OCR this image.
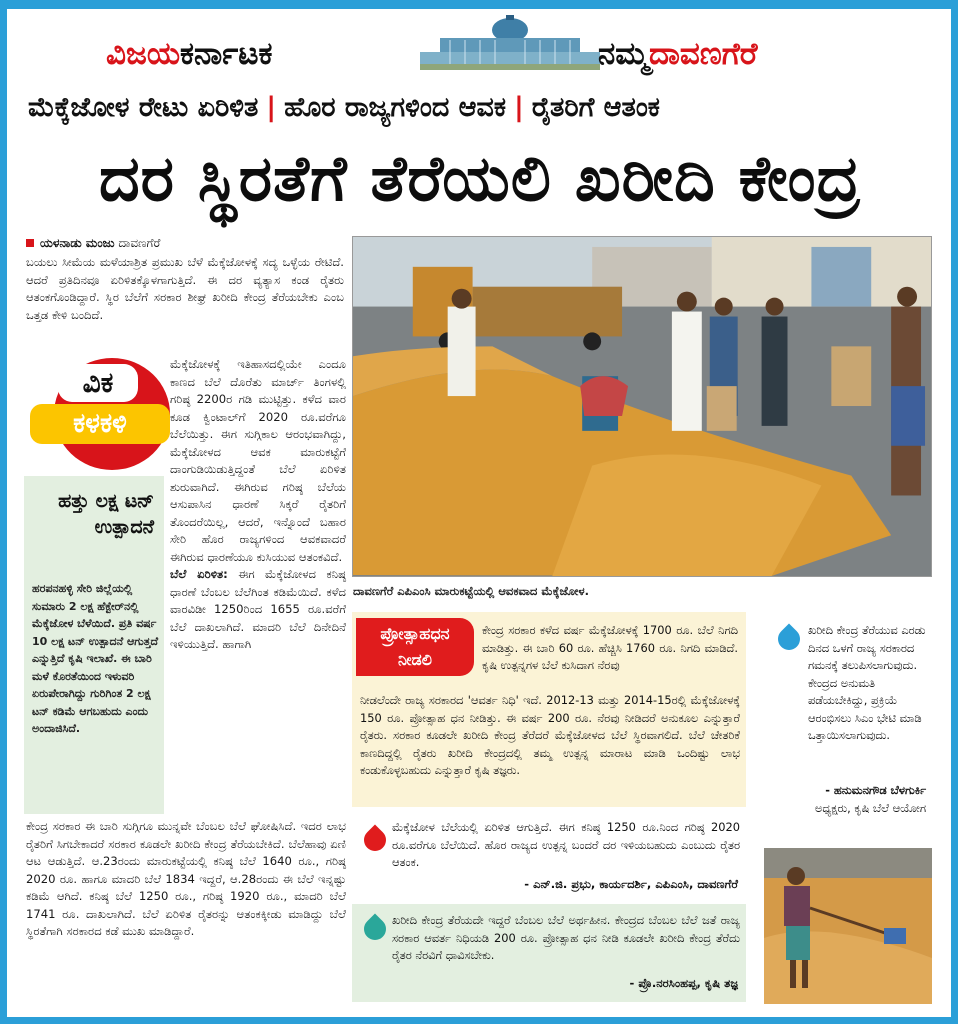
ವಿಜಯಕರ್ನಾಟಕ	ನಮ್ಮದಾವಣಗೆರೆ
ಮೆಕ್ಕೆಜೋಳ ರೇಟು ಏರಿಳಿತ | ಹೊರ ರಾಜ್ಯಗಳಿಂದ ಆವಕ | ರೈತರಿಗೆ ಆತಂಕ
ದರ ಸ್ಥಿರತೆಗೆ ತೆರೆಯಲಿ ಖರೀದಿ ಕೇಂದ್ರ
ಯಳನಾಡು ಮಂಜು ದಾವಣಗೆರೆ
ಬಯಲು ಸೀಮೆಯ ಮಳೆಯಾಶ್ರಿತ ಪ್ರಮುಖ ಬೆಳೆ ಮೆಕ್ಕೆಜೋಳಕ್ಕೆ ಸದ್ಯ ಒಳ್ಳೆಯ ರೇಟಿದೆ. ಆದರೆ ಪ್ರತಿದಿನವೂ ಏರಿಳಿತಕ್ಕೊಳಗಾಗುತ್ತಿದೆ. ಈ ದರ ವ್ಯತ್ಯಾಸ ಕಂಡ ರೈತರು ಆತಂಕಗೊಂಡಿದ್ದಾರೆ. ಸ್ಥಿರ ಬೆಲೆಗೆ ಸರಕಾರ ಶೀಘ್ರ ಖರೀದಿ ಕೇಂದ್ರ ತೆರೆಯಬೇಕು ಎಂಬ ಒತ್ತಡ ಕೇಳಿ ಬಂದಿದೆ.
ಮೆಕ್ಕೆಜೋಳಕ್ಕೆ ಇತಿಹಾಸದಲ್ಲಿಯೇ ಎಂದೂ ಕಾಣದ ಬೆಲೆ ದೊರೆತು ಮಾರ್ಚ್ ತಿಂಗಳಲ್ಲಿ ಗರಿಷ್ಠ 2200ರ ಗಡಿ ಮುಟ್ಟಿತ್ತು. ಕಳೆದ ವಾರ ಕೂಡ ಕ್ವಿಂಟಾಲ್‌ಗೆ 2020 ರೂ.ವರೆಗೂ ಬೆಲೆಯಿತ್ತು. ಈಗ ಸುಗ್ಗಿಕಾಲ ಆರಂಭವಾಗಿದ್ದು, ಮೆಕ್ಕೆಜೋಳದ ಆವಕ ಮಾರುಕಟ್ಟೆಗೆ ದಾಂಗುಡಿಯಿಡುತ್ತಿದ್ದಂತೆ ಬೆಲೆ ಏರಿಳಿತ ಶುರುವಾಗಿದೆ. ಈಗಿರುವ ಗರಿಷ್ಠ ಬೆಲೆಯ ಆಸುಪಾಸಿನ ಧಾರಣೆ ಸಿಕ್ಕರೆ ರೈತರಿಗೆ ತೊಂದರೆಯಿಲ್ಲ, ಆದರೆ, ಇನ್ನೊಂದೆ ಬಹಾರ ಸೇರಿ ಹೊರ ರಾಜ್ಯಗಳಿಂದ ಆವಕವಾದರೆ ಈಗಿರುವ ಧಾರಣೆಯೂ ಕುಸಿಯುವ ಆತಂಕವಿದೆ.
ಬೆಲೆ ಏರಿಳಿತ: ಈಗ ಮೆಕ್ಕೆಜೋಳದ ಕನಿಷ್ಠ ಧಾರಣೆ ಬೆಂಬಲ ಬೆಲೆಗಿಂತ ಕಡಿಮೆಯಿದೆ. ಕಳೆದ ವಾರವಿಡೀ 1250ರಿಂದ 1655 ರೂ.ವರೆಗೆ ಬೆಲೆ ದಾಖಲಾಗಿದೆ. ಮಾದರಿ ಬೆಲೆ ದಿನೇದಿನೆ ಇಳಿಯುತ್ತಿದೆ. ಹಾಗಾಗಿ
ಕೇಂದ್ರ ಸರಕಾರ ಈ ಬಾರಿ ಸುಗ್ಗಿಗೂ ಮುನ್ನವೇ ಬೆಂಬಲ ಬೆಲೆ ಘೋಷಿಸಿದೆ. ಇದರ ಲಾಭ ರೈತರಿಗೆ ಸಿಗಬೇಕಾದರೆ ಸರಕಾರ ಕೂಡಲೇ ಖರೀದಿ ಕೇಂದ್ರ ತೆರೆಯಬೇಕಿದೆ. ಬೆಲೆಹಾವು ಏಣಿ ಆಟ ಆಡುತ್ತಿದೆ. ಆ.23ರಂದು ಮಾರುಕಟ್ಟೆಯಲ್ಲಿ ಕನಿಷ್ಠ ಬೆಲೆ 1640 ರೂ., ಗರಿಷ್ಠ 2020 ರೂ. ಹಾಗೂ ಮಾದರಿ ಬೆಲೆ 1834 ಇದ್ದರೆ, ಆ.28ರಂದು ಈ ಬೆಲೆ ಇನ್ನಷ್ಟು ಕಡಿಮೆ ಆಗಿದೆ. ಕನಿಷ್ಠ ಬೆಲೆ 1250 ರೂ., ಗರಿಷ್ಠ 1920 ರೂ., ಮಾದರಿ ಬೆಲೆ 1741 ರೂ. ದಾಖಲಾಗಿದೆ. ಬೆಲೆ ಏರಿಳಿತ ರೈತರನ್ನು ಆತಂಕಕ್ಕೀಡು ಮಾಡಿದ್ದು ಬೆಲೆ ಸ್ಥಿರತೆಗಾಗಿ ಸರಕಾರದ ಕಡೆ ಮುಖ ಮಾಡಿದ್ದಾರೆ.
ವಿಕ
ಕಳಕಳಿ
ಹತ್ತು ಲಕ್ಷ ಟನ್ ಉತ್ಪಾದನೆ
ಹರಪನಹಳ್ಳಿ ಸೇರಿ ಜಿಲ್ಲೆಯಲ್ಲಿ ಸುಮಾರು 2 ಲಕ್ಷ ಹೆಕ್ಟೇರ್‌ನಲ್ಲಿ ಮೆಕ್ಕೆಜೋಳ ಬೆಳೆಯಿದೆ. ಪ್ರತಿ ವರ್ಷ 10 ಲಕ್ಷ ಟನ್ ಉತ್ಪಾದನೆ ಆಗುತ್ತದೆ ಎನ್ನುತ್ತಿದೆ ಕೃಷಿ ಇಲಾಖೆ. ಈ ಬಾರಿ ಮಳೆ ಕೊರತೆಯಿಂದ ಇಳುವರಿ ಏರುಪೇರಾಗಿದ್ದು ಗುರಿಗಿಂತ 2 ಲಕ್ಷ ಟನ್ ಕಡಿಮೆ ಆಗಬಹುದು ಎಂದು ಅಂದಾಜಿಸಿದೆ.
ದಾವಣಗೆರೆ ಎಪಿಎಂಸಿ ಮಾರುಕಟ್ಟೆಯಲ್ಲಿ ಆವಕವಾದ ಮೆಕ್ಕೆಜೋಳ.
ಪ್ರೋತ್ಸಾಹಧನ
ನೀಡಲಿ
ಕೇಂದ್ರ ಸರಕಾರ ಕಳೆದ ವರ್ಷ ಮೆಕ್ಕೆಜೋಳಕ್ಕೆ 1700 ರೂ. ಬೆಲೆ ನಿಗದಿ ಮಾಡಿತ್ತು. ಈ ಬಾರಿ 60 ರೂ. ಹೆಚ್ಚಿಸಿ 1760 ರೂ. ನಿಗದಿ ಮಾಡಿದೆ. ಕೃಷಿ ಉತ್ಪನ್ನಗಳ ಬೆಲೆ ಕುಸಿದಾಗ ನೆರವು
ನೀಡಲೆಂದೇ ರಾಜ್ಯ ಸರಕಾರದ 'ಆವರ್ತ ನಿಧಿ' ಇದೆ. 2012-13 ಮತ್ತು 2014-15ರಲ್ಲಿ ಮೆಕ್ಕೆಜೋಳಕ್ಕೆ 150 ರೂ. ಪ್ರೋತ್ಸಾಹ ಧನ ನೀಡಿತ್ತು. ಈ ವರ್ಷ 200 ರೂ. ನೆರವು ನೀಡಿದರೆ ಅನುಕೂಲ ಎನ್ನುತ್ತಾರೆ ರೈತರು. ಸರಕಾರ ಕೂಡಲೇ ಖರೀದಿ ಕೇಂದ್ರ ತೆರೆದರೆ ಮೆಕ್ಕೆಜೋಳದ ಬೆಲೆ ಸ್ಥಿರವಾಗಲಿದೆ. ಬೆಲೆ ಚೇತರಿಕೆ ಕಾಣದಿದ್ದಲ್ಲಿ ರೈತರು ಖರೀದಿ ಕೇಂದ್ರದಲ್ಲಿ ತಮ್ಮ ಉತ್ಪನ್ನ ಮಾರಾಟ ಮಾಡಿ ಒಂದಿಷ್ಟು ಲಾಭ ಕಂಡುಕೊಳ್ಳಬಹುದು ಎನ್ನುತ್ತಾರೆ ಕೃಷಿ ತಜ್ಞರು.
ಮೆಕ್ಕೆಜೋಳ ಬೆಲೆಯಲ್ಲಿ ಏರಿಳಿತ ಆಗುತ್ತಿದೆ. ಈಗ ಕನಿಷ್ಠ 1250 ರೂ.ನಿಂದ ಗರಿಷ್ಠ 2020 ರೂ.ವರೆಗೂ ಬೆಲೆಯಿದೆ. ಹೊರ ರಾಜ್ಯದ ಉತ್ಪನ್ನ ಬಂದರೆ ದರ ಇಳಿಯಬಹುದು ಎಂಬುದು ರೈತರ ಆತಂಕ.
- ಎನ್.ಜಿ. ಪ್ರಭು, ಕಾರ್ಯದರ್ಶಿ, ಎಪಿಎಂಸಿ, ದಾವಣಗೆರೆ
ಖರೀದಿ ಕೇಂದ್ರ ತೆರೆಯದೇ ಇದ್ದರೆ ಬೆಂಬಲ ಬೆಲೆ ಅರ್ಥಹೀನ. ಕೇಂದ್ರದ ಬೆಂಬಲ ಬೆಲೆ ಜತೆ ರಾಜ್ಯ ಸರಕಾರ ಆವರ್ತ ನಿಧಿಯಡಿ 200 ರೂ. ಪ್ರೋತ್ಸಾಹ ಧನ ನೀಡಿ ಕೂಡಲೇ ಖರೀದಿ ಕೇಂದ್ರ ತೆರೆದು ರೈತರ ನೆರವಿಗೆ ಧಾವಿಸಬೇಕು.
- ಪ್ರೊ.ನರಸಿಂಹಪ್ಪ, ಕೃಷಿ ತಜ್ಞ
ಖರೀದಿ ಕೇಂದ್ರ ತೆರೆಯುವ ಎರಡು ದಿನದ ಒಳಗೆ ರಾಜ್ಯ ಸರಕಾರದ ಗಮನಕ್ಕೆ ತಲುಪಿಸಲಾಗುವುದು. ಕೇಂದ್ರದ ಅನುಮತಿ ಪಡೆಯಬೇಕಿದ್ದು, ಪ್ರಕ್ರಿಯೆ ಆರಂಭಿಸಲು ಸಿಎಂ ಭೇಟಿ ಮಾಡಿ ಒತ್ತಾಯಿಸಲಾಗುವುದು.
- ಹನುಮನಗೌಡ ಬೆಳಗುರ್ಕಿ
ಅಧ್ಯಕ್ಷರು, ಕೃಷಿ ಬೆಲೆ ಆಯೋಗ
